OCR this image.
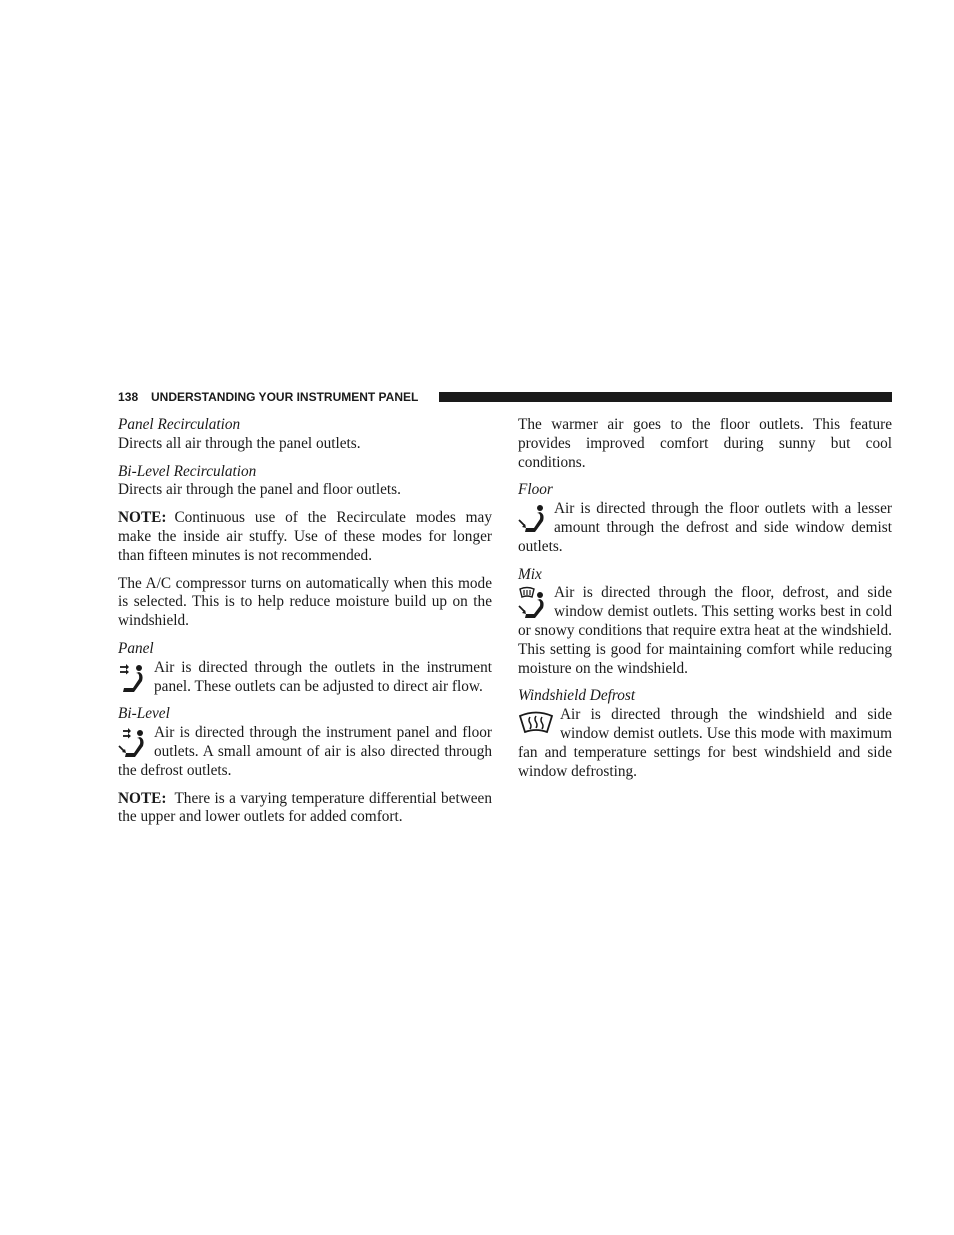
138 UNDERSTANDING YOUR INSTRUMENT PANEL
Panel Recirculation
Directs all air through the panel outlets.
Bi-Level Recirculation
Directs air through the panel and floor outlets.

NOTE: Continuous use of the Recirculate modes may make the inside air stuffy. Use of these modes for longer than fifteen minutes is not recommended.

The A/C compressor turns on automatically when this mode is selected. This is to help reduce moisture build up on the windshield.

Panel
Air is directed through the outlets in the instrument panel. These outlets can be adjusted to direct air flow.
Bi-Level
Air is directed through the instrument panel and floor outlets. A small amount of air is also directed through the defrost outlets.

NOTE: There is a varying temperature differential between the upper and lower outlets for added comfort.

The warmer air goes to the floor outlets. This feature provides improved comfort during sunny but cool conditions.

Floor
Air is directed through the floor outlets with a lesser amount through the defrost and side window demist outlets.
Mix
Air is directed through the floor, defrost, and side window demist outlets. This setting works best in cold or snowy conditions that require extra heat at the windshield. This setting is good for maintaining comfort while reducing moisture on the windshield.
Windshield Defrost
Air is directed through the windshield and side window demist outlets. Use this mode with maximum fan and temperature settings for best windshield and side window defrosting.
